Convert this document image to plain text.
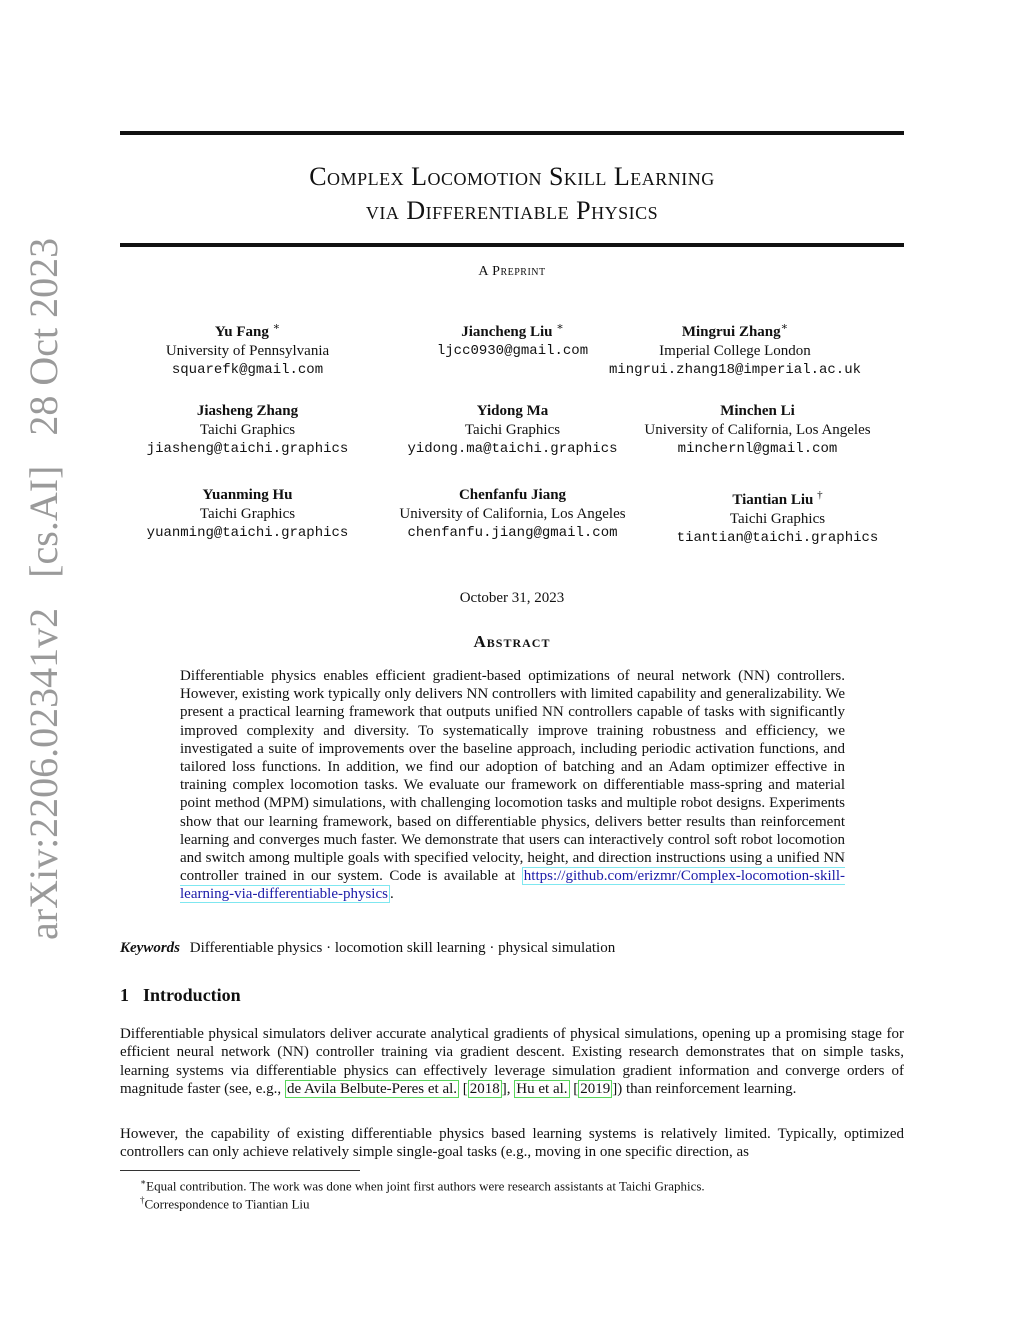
arXiv:2206.02341v2
[cs.AI]
28 Oct 2023
Complex Locomotion Skill Learning
via Differentiable Physics
A Preprint
Yu Fang ∗
University of Pennsylvania
squarefk@gmail.com
Jiancheng Liu ∗
ljcc0930@gmail.com
Mingrui Zhang∗
Imperial College London
mingrui.zhang18@imperial.ac.uk
Jiasheng Zhang
Taichi Graphics
jiasheng@taichi.graphics
Yidong Ma
Taichi Graphics
yidong.ma@taichi.graphics
Minchen Li
University of California, Los Angeles
minchernl@gmail.com
Yuanming Hu
Taichi Graphics
yuanming@taichi.graphics
Chenfanfu Jiang
University of California, Los Angeles
chenfanfu.jiang@gmail.com
Tiantian Liu †
Taichi Graphics
tiantian@taichi.graphics
October 31, 2023
Abstract
Differentiable physics enables efficient gradient-based optimizations of neural network (NN) controllers. However, existing work typically only delivers NN controllers with limited capability and generalizability. We present a practical learning framework that outputs unified NN controllers capable of tasks with significantly improved complexity and diversity. To systematically improve training robustness and efficiency, we investigated a suite of improvements over the baseline approach, including periodic activation functions, and tailored loss functions. In addition, we find our adoption of batching and an Adam optimizer effective in training complex locomotion tasks. We evaluate our framework on differentiable mass-spring and material point method (MPM) simulations, with challenging locomotion tasks and multiple robot designs. Experiments show that our learning framework, based on differentiable physics, delivers better results than reinforcement learning and converges much faster. We demonstrate that users can interactively control soft robot locomotion and switch among multiple goals with specified velocity, height, and direction instructions using a unified NN controller trained in our system. Code is available at https://github.com/erizmr/Complex-locomotion-skill-learning-via-differentiable-physics .
Keywords Differentiable physics · locomotion skill learning · physical simulation
1 Introduction
Differentiable physical simulators deliver accurate analytical gradients of physical simulations, opening up a promising stage for efficient neural network (NN) controller training via gradient descent. Existing research demonstrates that on simple tasks, learning systems via differentiable physics can effectively leverage simulation gradient information and converge orders of magnitude faster (see, e.g., de Avila Belbute-Peres et al. [ 2018 ], Hu et al. [ 2019 ]) than reinforcement learning.
However, the capability of existing differentiable physics based learning systems is relatively limited. Typically, optimized controllers can only achieve relatively simple single-goal tasks (e.g., moving in one specific direction, as
∗Equal contribution. The work was done when joint first authors were research assistants at Taichi Graphics.
†Correspondence to Tiantian Liu
